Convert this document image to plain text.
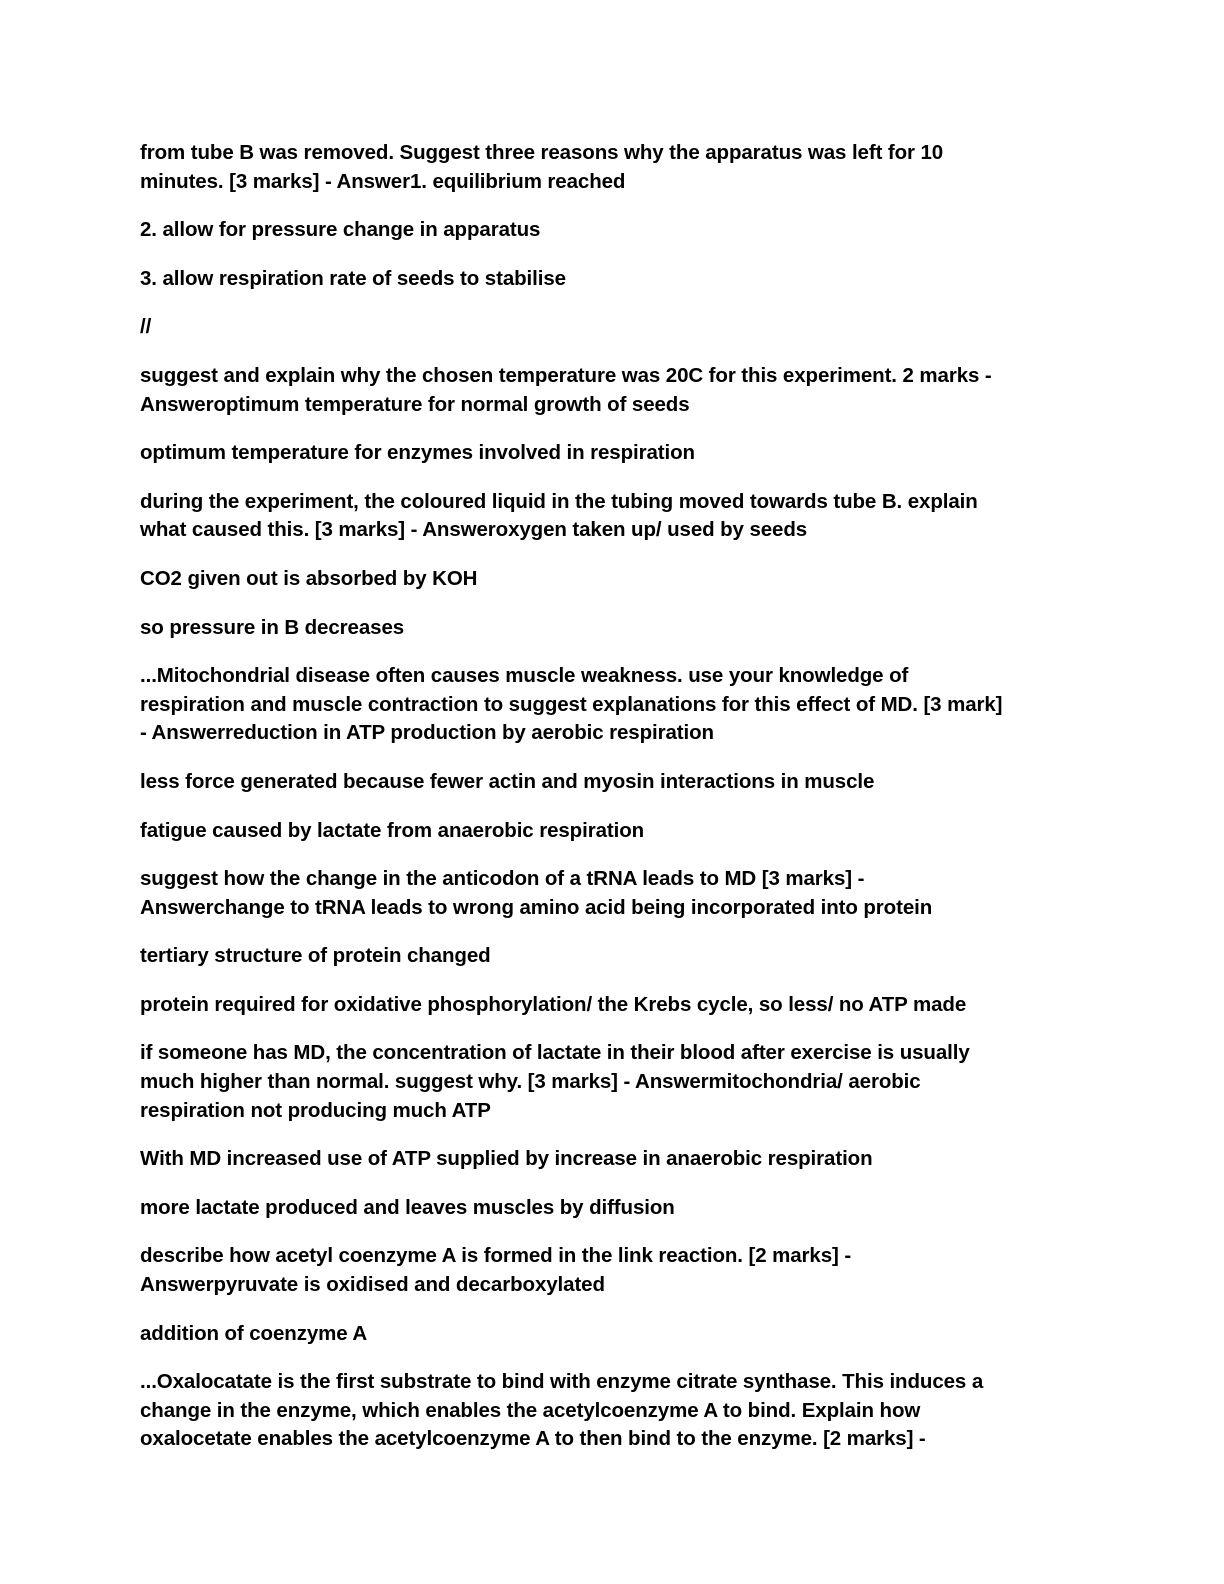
from tube B was removed. Suggest three reasons why the apparatus was left for 10
minutes. [3 marks] - Answer1. equilibrium reached

2. allow for pressure change in apparatus

3. allow respiration rate of seeds to stabilise

//

suggest and explain why the chosen temperature was 20C for this experiment. 2 marks -
Answeroptimum temperature for normal growth of seeds

optimum temperature for enzymes involved in respiration

during the experiment, the coloured liquid in the tubing moved towards tube B. explain
what caused this. [3 marks] - Answeroxygen taken up/ used by seeds

CO2 given out is absorbed by KOH

so pressure in B decreases

...Mitochondrial disease often causes muscle weakness. use your knowledge of
respiration and muscle contraction to suggest explanations for this effect of MD. [3 mark]
- Answerreduction in ATP production by aerobic respiration

less force generated because fewer actin and myosin interactions in muscle

fatigue caused by lactate from anaerobic respiration

suggest how the change in the anticodon of a tRNA leads to MD [3 marks] -
Answerchange to tRNA leads to wrong amino acid being incorporated into protein

tertiary structure of protein changed

protein required for oxidative phosphorylation/ the Krebs cycle, so less/ no ATP made

if someone has MD, the concentration of lactate in their blood after exercise is usually
much higher than normal. suggest why. [3 marks] - Answermitochondria/ aerobic
respiration not producing much ATP

With MD increased use of ATP supplied by increase in anaerobic respiration

more lactate produced and leaves muscles by diffusion

describe how acetyl coenzyme A is formed in the link reaction. [2 marks] -
Answerpyruvate is oxidised and decarboxylated

addition of coenzyme A

...Oxalocatate is the first substrate to bind with enzyme citrate synthase. This induces a
change in the enzyme, which enables the acetylcoenzyme A to bind. Explain how
oxalocetate enables the acetylcoenzyme A to then bind to the enzyme. [2 marks] -
